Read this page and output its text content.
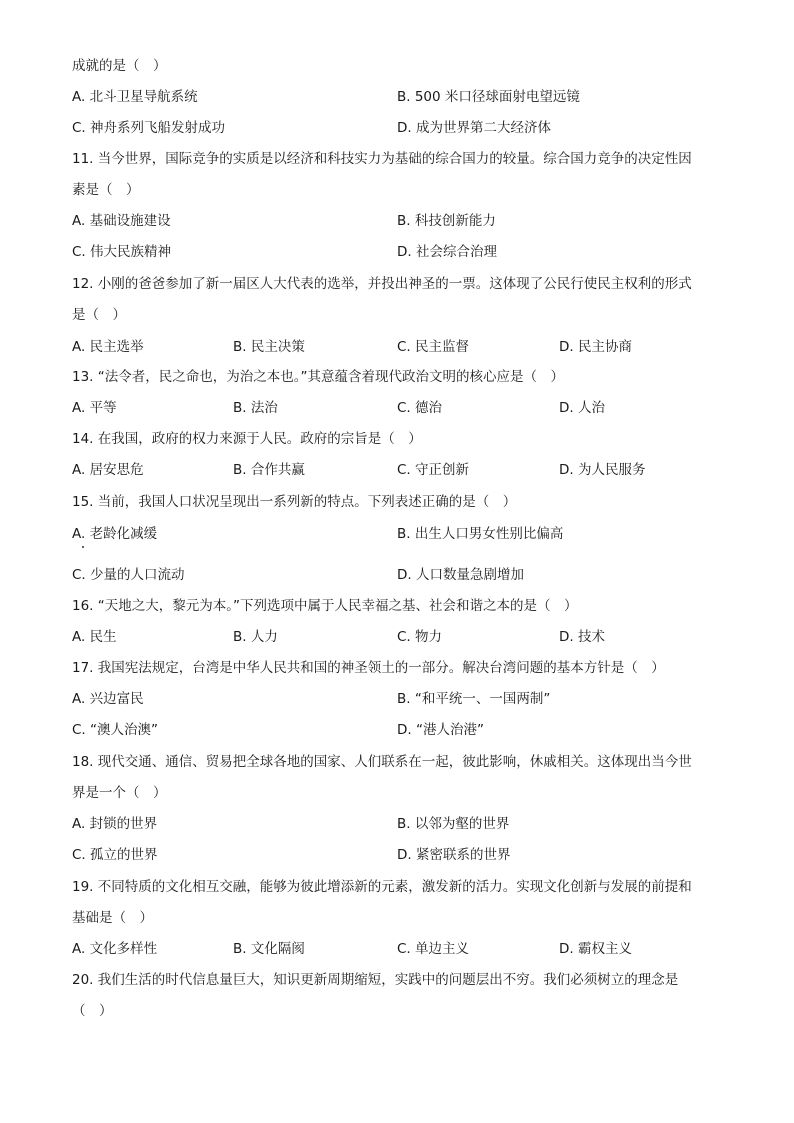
成就的是（　）
A. 北斗卫星导航系统	B. 500 米口径球面射电望远镜
C. 神舟系列飞船发射成功	D. 成为世界第二大经济体
11. 当今世界，国际竞争的实质是以经济和科技实力为基础的综合国力的较量。综合国力竞争的决定性因
素是（　）
A. 基础设施建设	B. 科技创新能力
C. 伟大民族精神	D. 社会综合治理
12. 小刚的爸爸参加了新一届区人大代表的选举，并投出神圣的一票。这体现了公民行使民主权利的形式
是（　）
A. 民主选举	B. 民主决策	C. 民主监督	D. 民主协商
13. “法令者，民之命也，为治之本也。”其意蕴含着现代政治文明的核心应是（　）
A. 平等	B. 法治	C. 德治	D. 人治
14. 在我国，政府的权力来源于人民。政府的宗旨是（　）
A. 居安思危	B. 合作共赢	C. 守正创新	D. 为人民服务
15. 当前，我国人口状况呈现出一系列新的特点。下列表述正确的是（　）
A. 老龄化减缓	B. 出生人口男女性别比偏高
C. 少量的人口流动	D. 人口数量急剧增加
16. “天地之大，黎元为本。”下列选项中属于人民幸福之基、社会和谐之本的是（　）
A. 民生	B. 人力	C. 物力	D. 技术
17. 我国宪法规定，台湾是中华人民共和国的神圣领土的一部分。解决台湾问题的基本方针是（　）
A. 兴边富民	B. “和平统一、一国两制”
C. “澳人治澳”	D. “港人治港”
18. 现代交通、通信、贸易把全球各地的国家、人们联系在一起，彼此影响，休戚相关。这体现出当今世
界是一个（　）
A. 封锁的世界	B. 以邻为壑的世界
C. 孤立的世界	D. 紧密联系的世界
19. 不同特质的文化相互交融，能够为彼此增添新的元素，激发新的活力。实现文化创新与发展的前提和
基础是（　）
A. 文化多样性	B. 文化隔阂	C. 单边主义	D. 霸权主义
20. 我们生活的时代信息量巨大，知识更新周期缩短，实践中的问题层出不穷。我们必须树立的理念是
（　）
